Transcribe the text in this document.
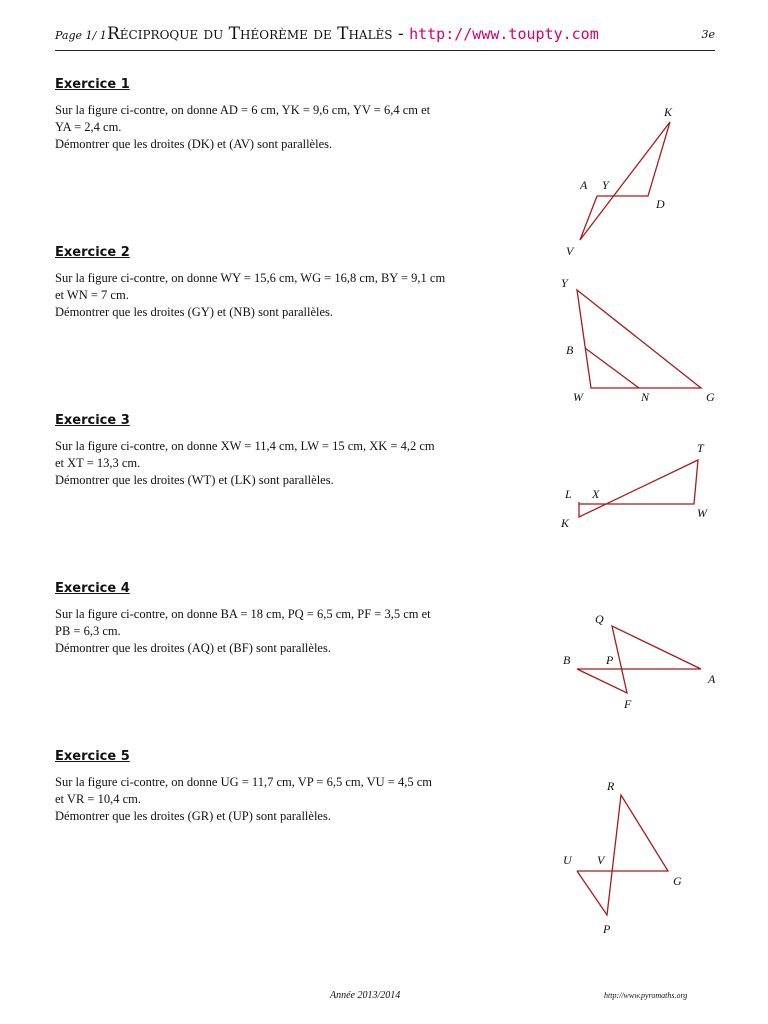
Page 1/ 1 Réciproque du Théorème de Thalès - http://www.toupty.com	3e
Exercice 1

Sur la figure ci-contre, on donne AD = 6 cm, YK = 9,6 cm, YV = 6,4 cm et

YA = 2,4 cm.

Démontrer que les droites (DK) et (AV) sont parallèles.

K
A Y
D
V
Exercice 2

Sur la figure ci-contre, on donne WY = 15,6 cm, WG = 16,8 cm, BY = 9,1 cm

et WN = 7 cm.

Démontrer que les droites (GY) et (NB) sont parallèles.

Y
B
W	N	G
Exercice 3

Sur la figure ci-contre, on donne XW = 11,4 cm, LW = 15 cm, XK = 4,2 cm

et XT = 13,3 cm.

Démontrer que les droites (WT) et (LK) sont parallèles.

T
L X
K
W
Exercice 4

Sur la figure ci-contre, on donne BA = 18 cm, PQ = 6,5 cm, PF = 3,5 cm et

PB = 6,3 cm.

Démontrer que les droites (AQ) et (BF) sont parallèles.

Q
B	P
A
F
Exercice 5

Sur la figure ci-contre, on donne UG = 11,7 cm, VP = 6,5 cm, VU = 4,5 cm

et VR = 10,4 cm.

Démontrer que les droites (GR) et (UP) sont parallèles.

R
U V
G
P
Année 2013/2014	http://www.pyromaths.org
